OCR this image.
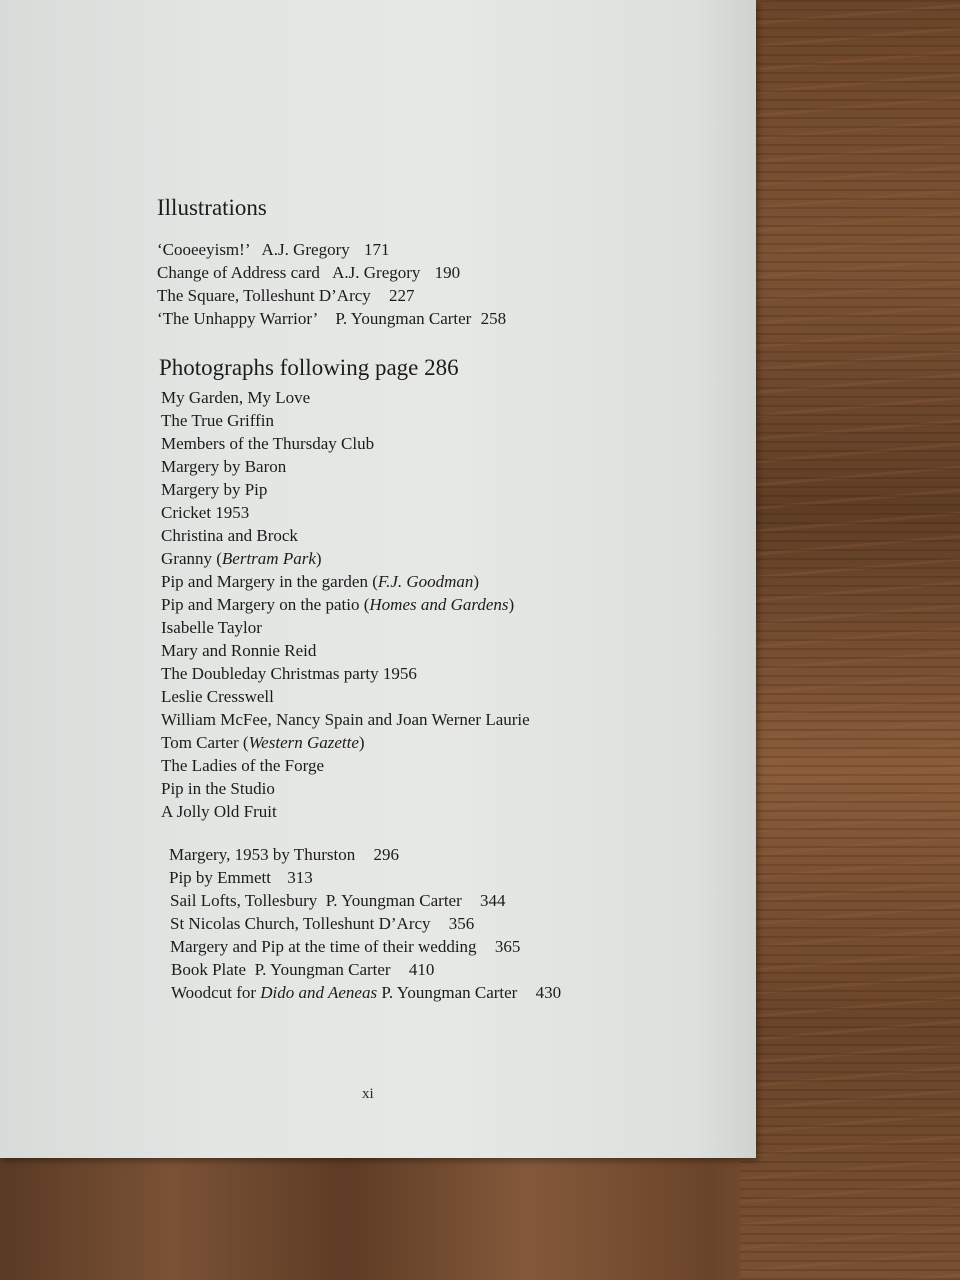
Illustrations
‘Cooeeyism!’ A.J. Gregory 171
Change of Address card A.J. Gregory 190
The Square, Tolleshunt D’Arcy 227
‘The Unhappy Warrior’ P. Youngman Carter 258
Photographs following page 286
My Garden, My Love
The True Griffin
Members of the Thursday Club
Margery by Baron
Margery by Pip
Cricket 1953
Christina and Brock
Granny (Bertram Park)
Pip and Margery in the garden (F.J. Goodman)
Pip and Margery on the patio (Homes and Gardens)
Isabelle Taylor
Mary and Ronnie Reid
The Doubleday Christmas party 1956
Leslie Cresswell
William McFee, Nancy Spain and Joan Werner Laurie
Tom Carter (Western Gazette)
The Ladies of the Forge
Pip in the Studio
A Jolly Old Fruit
Margery, 1953 by Thurston 296
Pip by Emmett 313
Sail Lofts, Tollesbury  P. Youngman Carter 344
St Nicolas Church, Tolleshunt D’Arcy 356
Margery and Pip at the time of their wedding 365
Book Plate  P. Youngman Carter 410
Woodcut for Dido and Aeneas P. Youngman Carter 430
xi
